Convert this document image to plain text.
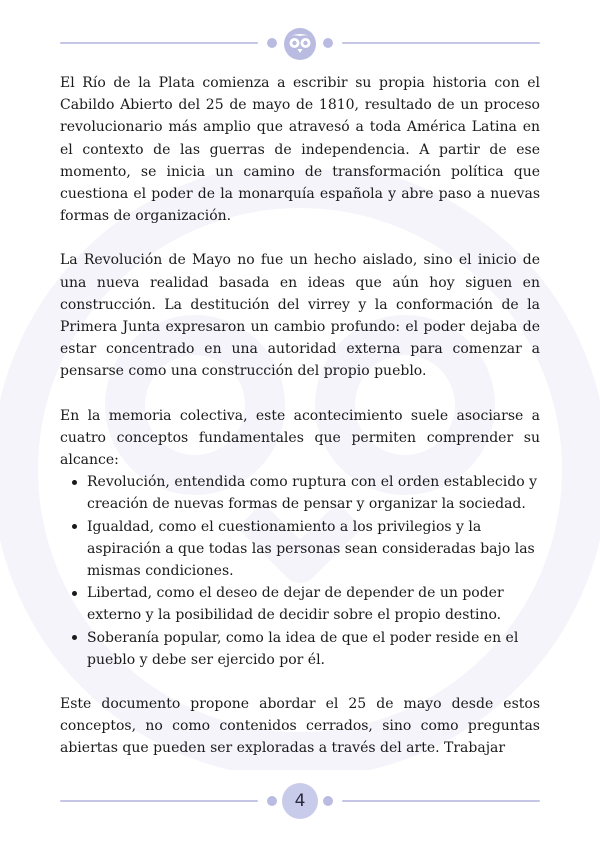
El Río de la Plata comienza a escribir su propia historia con el Cabildo Abierto del 25 de mayo de 1810, resultado de un proceso revolucionario más amplio que atravesó a toda América Latina en el contexto de las guerras de independencia. A partir de ese momento, se inicia un camino de transformación política que cuestiona el poder de la monarquía española y abre paso a nuevas formas de organización.

La Revolución de Mayo no fue un hecho aislado, sino el inicio de una nueva realidad basada en ideas que aún hoy siguen en construcción. La destitución del virrey y la conformación de la Primera Junta expresaron un cambio profundo: el poder dejaba de estar concentrado en una autoridad externa para comenzar a pensarse como una construcción del propio pueblo.

En la memoria colectiva, este acontecimiento suele asociarse a cuatro conceptos fundamentales que permiten comprender su alcance:

Revolución, entendida como ruptura con el orden establecido y creación de nuevas formas de pensar y organizar la sociedad.
Igualdad, como el cuestionamiento a los privilegios y la aspiración a que todas las personas sean consideradas bajo las mismas condiciones.
Libertad, como el deseo de dejar de depender de un poder externo y la posibilidad de decidir sobre el propio destino.
Soberanía popular, como la idea de que el poder reside en el pueblo y debe ser ejercido por él.

Este documento propone abordar el 25 de mayo desde estos conceptos, no como contenidos cerrados, sino como preguntas abiertas que pueden ser exploradas a través del arte. Trabajar

4
